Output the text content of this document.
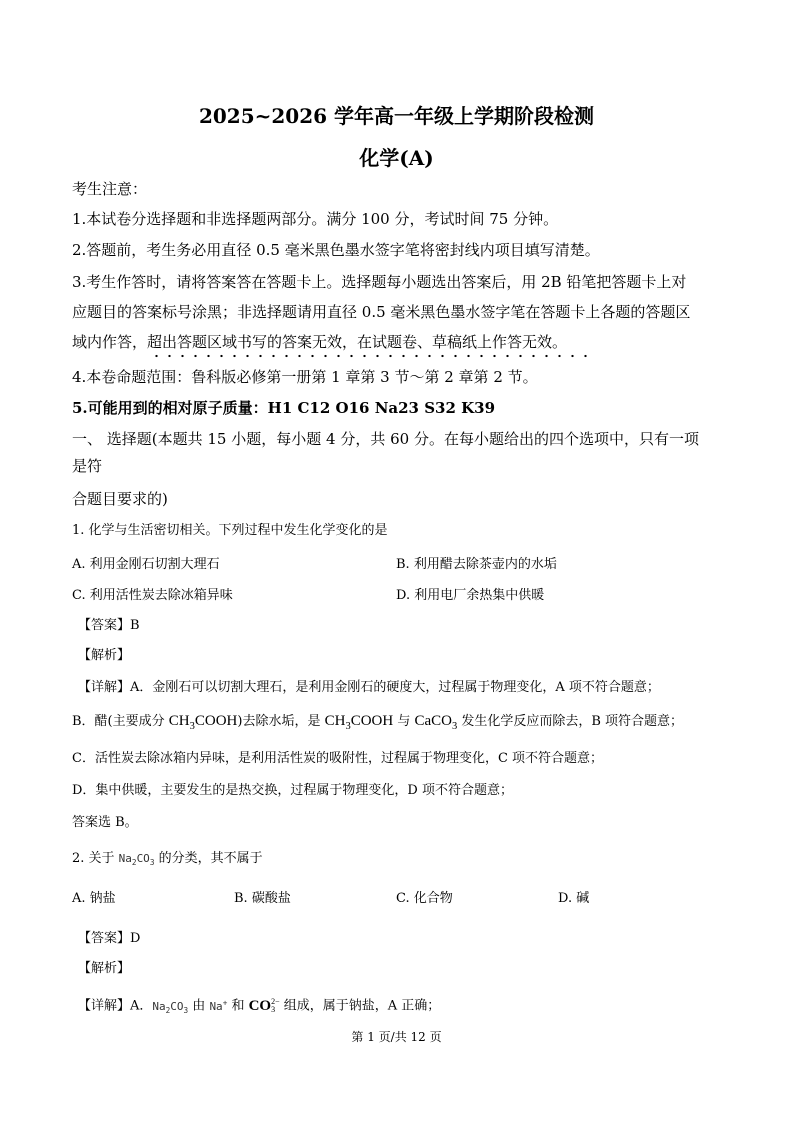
2025~2026 学年高一年级上学期阶段检测
化学(A)
考生注意：
1.本试卷分选择题和非选择题两部分。满分 100 分，考试时间 75 分钟。
2.答题前，考生务必用直径 0.5 毫米黑色墨水签字笔将密封线内项目填写清楚。
3.考生作答时，请将答案答在答题卡上。选择题每小题选出答案后，用 2B 铅笔把答题卡上对
应题目的答案标号涂黑；非选择题请用直径 0.5 毫米黑色墨水签字笔在答题卡上各题的答题区
域内作答，超出答题区域书写的答案无效，在试题卷、草稿纸上作答无效。
4.本卷命题范围：鲁科版必修第一册第 1 章第 3 节～第 2 章第 2 节。
5.可能用到的相对原子质量：H1 C12 O16 Na23 S32 K39
一、 选择题(本题共 15 小题，每小题 4 分，共 60 分。在每小题给出的四个选项中，只有一项
是符
合题目要求的)
1. 化学与生活密切相关。下列过程中发生化学变化的是
A. 利用金刚石切割大理石	B. 利用醋去除茶壶内的水垢
C. 利用活性炭去除冰箱异味	D. 利用电厂余热集中供暖
【答案】B
【解析】
【详解】A．金刚石可以切割大理石，是利用金刚石的硬度大，过程属于物理变化，A 项不符合题意；
B．醋(主要成分 $CH_3COOH$)去除水垢，是 $CH_3COOH$ 与 CaCO$_3$ 发生化学反应而除去，B 项符合题意；
C．活性炭去除冰箱内异味，是利用活性炭的吸附性，过程属于物理变化，C 项不符合题意；
D．集中供暖，主要发生的是热交换，过程属于物理变化，D 项不符合题意；
答案选 B。
2. 关于 $Na_2CO_3$ 的分类，其不属于
A. 钠盐	B. 碳酸盐	C. 化合物	D. 碱
【答案】D
【解析】
【详解】A．$Na_2CO_3$ 由 Na+ 和 CO 2−
3 组成，属于钠盐，A 正确；
第 1 页/共 12 页
